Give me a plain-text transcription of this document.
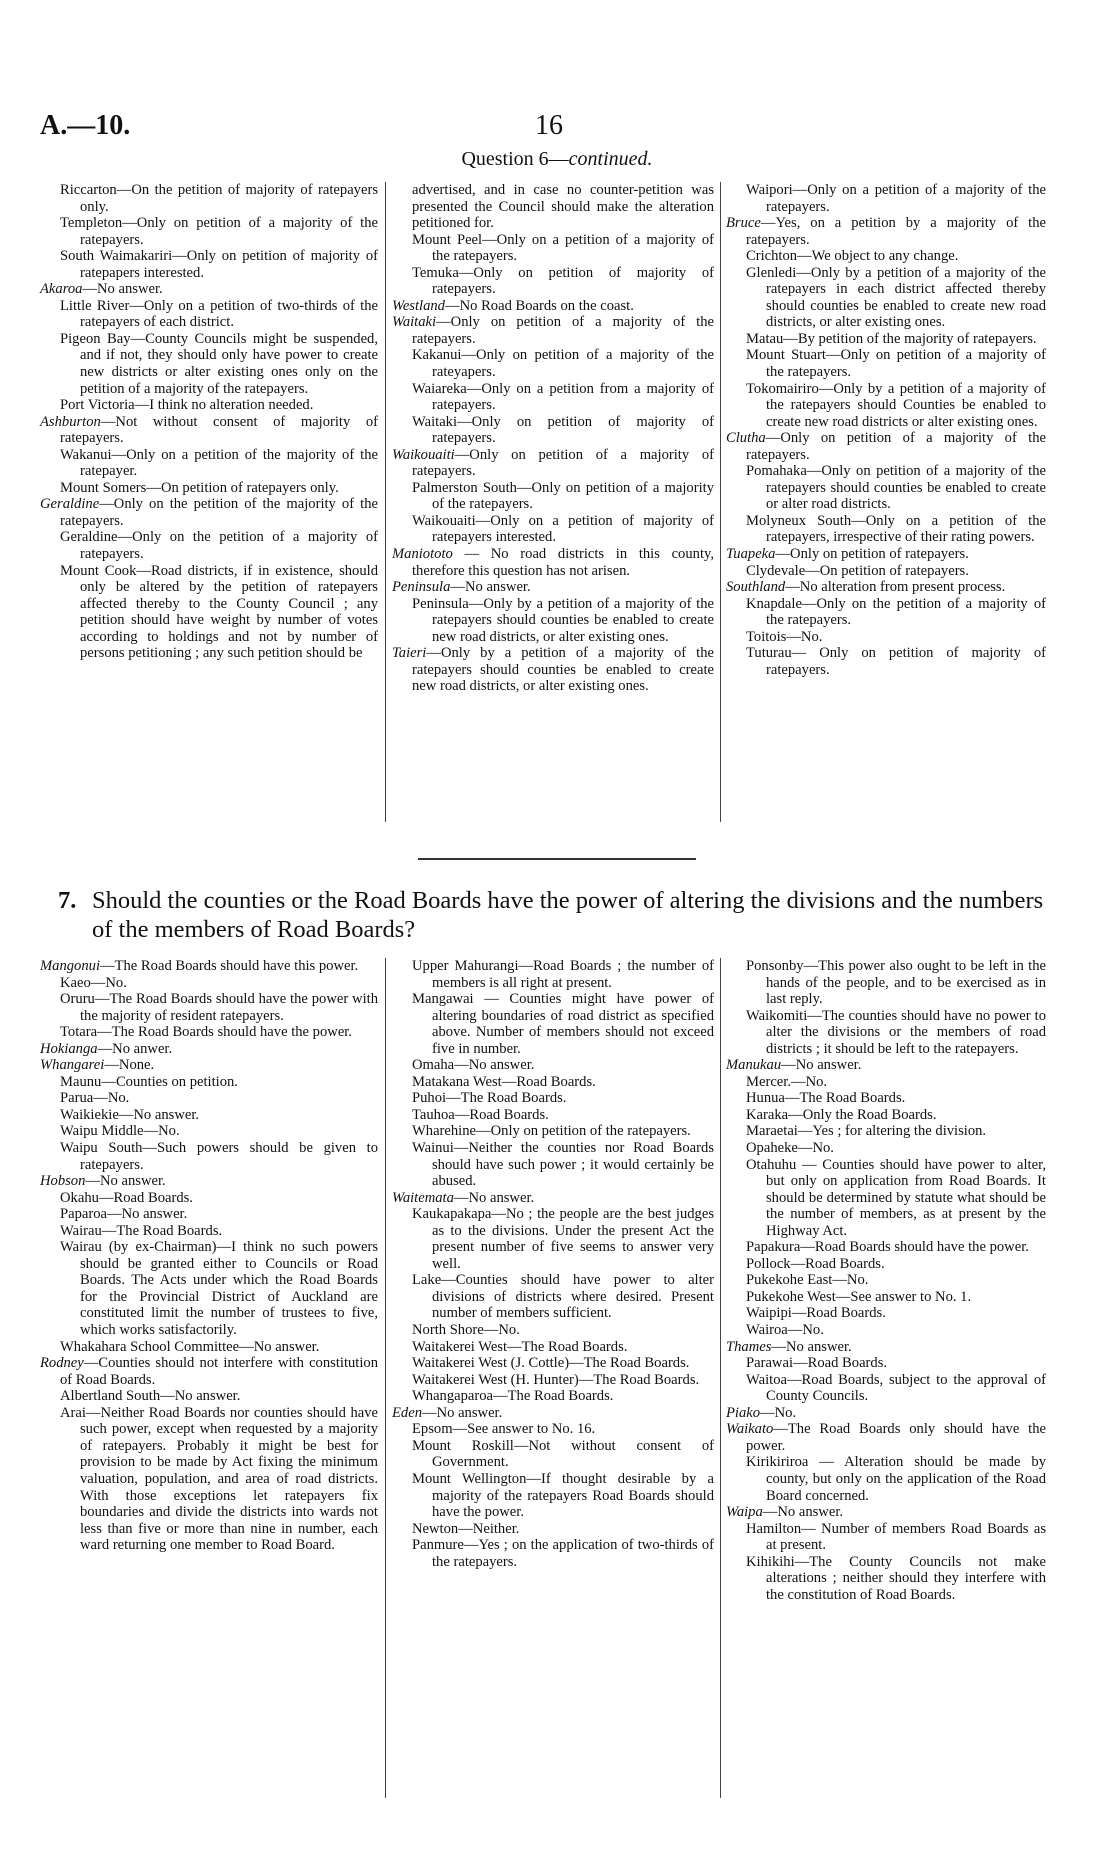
A.—10.	16
Question 6—continued.

Riccarton—On the petition of majority of ratepayers only.

Templeton—Only on petition of a majority of the ratepayers.

South Waimakariri—Only on petition of majority of ratepapers interested.

Akaroa—No answer.

Little River—Only on a petition of two-thirds of the ratepayers of each district.

Pigeon Bay—County Councils might be suspended, and if not, they should only have power to create new districts or alter existing ones only on the petition of a majority of the ratepayers.

Port Victoria—I think no alteration needed.

Ashburton—Not without consent of majority of ratepayers.

Wakanui—Only on a petition of the majority of the ratepayer.

Mount Somers—On petition of ratepayers only.

Geraldine—Only on the petition of the majority of the ratepayers.

Geraldine—Only on the petition of a majority of ratepayers.

Mount Cook—Road districts, if in existence, should only be altered by the petition of ratepayers affected thereby to the County Council ; any petition should have weight by number of votes according to holdings and not by number of persons petitioning ; any such petition should be

advertised, and in case no counter-petition was presented the Council should make the alteration petitioned for.

Mount Peel—Only on a petition of a majority of the ratepayers.

Temuka—Only on petition of majority of ratepayers.

Westland—No Road Boards on the coast.

Waitaki—Only on petition of a majority of the ratepayers.

Kakanui—Only on petition of a majority of the rateyapers.

Waiareka—Only on a petition from a majority of ratepayers.

Waitaki—Only on petition of majority of ratepayers.

Waikouaiti—Only on petition of a majority of ratepayers.

Palmerston South—Only on petition of a majority of the ratepayers.

Waikouaiti—Only on a petition of majority of ratepayers interested.

Maniototo — No road districts in this county, therefore this question has not arisen.

Peninsula—No answer.

Peninsula—Only by a petition of a majority of the ratepayers should counties be enabled to create new road districts, or alter existing ones.

Taieri—Only by a petition of a majority of the ratepayers should counties be enabled to create new road districts, or alter existing ones.

Waipori—Only on a petition of a majority of the ratepayers.

Bruce—Yes, on a petition by a majority of the ratepayers.

Crichton—We object to any change.

Glenledi—Only by a petition of a majority of the ratepayers in each district affected thereby should counties be enabled to create new road districts, or alter existing ones.

Matau—By petition of the majority of ratepayers.

Mount Stuart—Only on petition of a majority of the ratepayers.

Tokomairiro—Only by a petition of a majority of the ratepayers should Counties be enabled to create new road districts or alter existing ones.

Clutha—Only on petition of a majority of the ratepayers.

Pomahaka—Only on petition of a majority of the ratepayers should counties be enabled to create or alter road districts.

Molyneux South—Only on a petition of the ratepayers, irrespective of their rating powers.

Tuapeka—Only on petition of ratepayers.

Clydevale—On petition of ratepayers.

Southland—No alteration from present process.

Knapdale—Only on the petition of a majority of the ratepayers.

Toitois—No.

Tuturau— Only on petition of majority of ratepayers.

7. Should the counties or the Road Boards have the power of altering the divisions and the numbers of the members of Road Boards?

Mangonui—The Road Boards should have this power.

Kaeo—No.

Oruru—The Road Boards should have the power with the majority of resident ratepayers.

Totara—The Road Boards should have the power.

Hokianga—No anwer.

Whangarei—None.

Maunu—Counties on petition.

Parua—No.

Waikiekie—No answer.

Waipu Middle—No.

Waipu South—Such powers should be given to ratepayers.

Hobson—No answer.

Okahu—Road Boards.

Paparoa—No answer.

Wairau—The Road Boards.

Wairau (by ex-Chairman)—I think no such powers should be granted either to Councils or Road Boards. The Acts under which the Road Boards for the Provincial District of Auckland are constituted limit the number of trustees to five, which works satisfactorily.

Whakahara School Committee—No answer.

Rodney—Counties should not interfere with constitution of Road Boards.

Albertland South—No answer.

Arai—Neither Road Boards nor counties should have such power, except when requested by a majority of ratepayers. Probably it might be best for provision to be made by Act fixing the minimum valuation, population, and area of road districts. With those exceptions let ratepayers fix boundaries and divide the districts into wards not less than five or more than nine in number, each ward returning one member to Road Board.

Upper Mahurangi—Road Boards ; the number of members is all right at present.

Mangawai — Counties might have power of altering boundaries of road district as specified above. Number of members should not exceed five in number.

Omaha—No answer.

Matakana West—Road Boards.

Puhoi—The Road Boards.

Tauhoa—Road Boards.

Wharehine—Only on petition of the ratepayers.

Wainui—Neither the counties nor Road Boards should have such power ; it would certainly be abused.

Waitemata—No answer.

Kaukapakapa—No ; the people are the best judges as to the divisions. Under the present Act the present number of five seems to answer very well.

Lake—Counties should have power to alter divisions of districts where desired. Present number of members sufficient.

North Shore—No.

Waitakerei West—The Road Boards.

Waitakerei West (J. Cottle)—The Road Boards.

Waitakerei West (H. Hunter)—The Road Boards.

Whangaparoa—The Road Boards.

Eden—No answer.

Epsom—See answer to No. 16.

Mount Roskill—Not without consent of Government.

Mount Wellington—If thought desirable by a majority of the ratepayers Road Boards should have the power.

Newton—Neither.

Panmure—Yes ; on the application of two-thirds of the ratepayers.

Ponsonby—This power also ought to be left in the hands of the people, and to be exercised as in last reply.

Waikomiti—The counties should have no power to alter the divisions or the members of road districts ; it should be left to the ratepayers.

Manukau—No answer.

Mercer.—No.

Hunua—The Road Boards.

Karaka—Only the Road Boards.

Maraetai—Yes ; for altering the division.

Opaheke—No.

Otahuhu — Counties should have power to alter, but only on application from Road Boards. It should be determined by statute what should be the number of members, as at present by the Highway Act.

Papakura—Road Boards should have the power.

Pollock—Road Boards.

Pukekohe East—No.

Pukekohe West—See answer to No. 1.

Waipipi—Road Boards.

Wairoa—No.

Thames—No answer.

Parawai—Road Boards.

Waitoa—Road Boards, subject to the approval of County Councils.

Piako—No.

Waikato—The Road Boards only should have the power.

Kirikiriroa — Alteration should be made by county, but only on the application of the Road Board concerned.

Waipa—No answer.

Hamilton— Number of members Road Boards as at present.

Kihikihi—The County Councils not make alterations ; neither should they interfere with the constitution of Road Boards.
